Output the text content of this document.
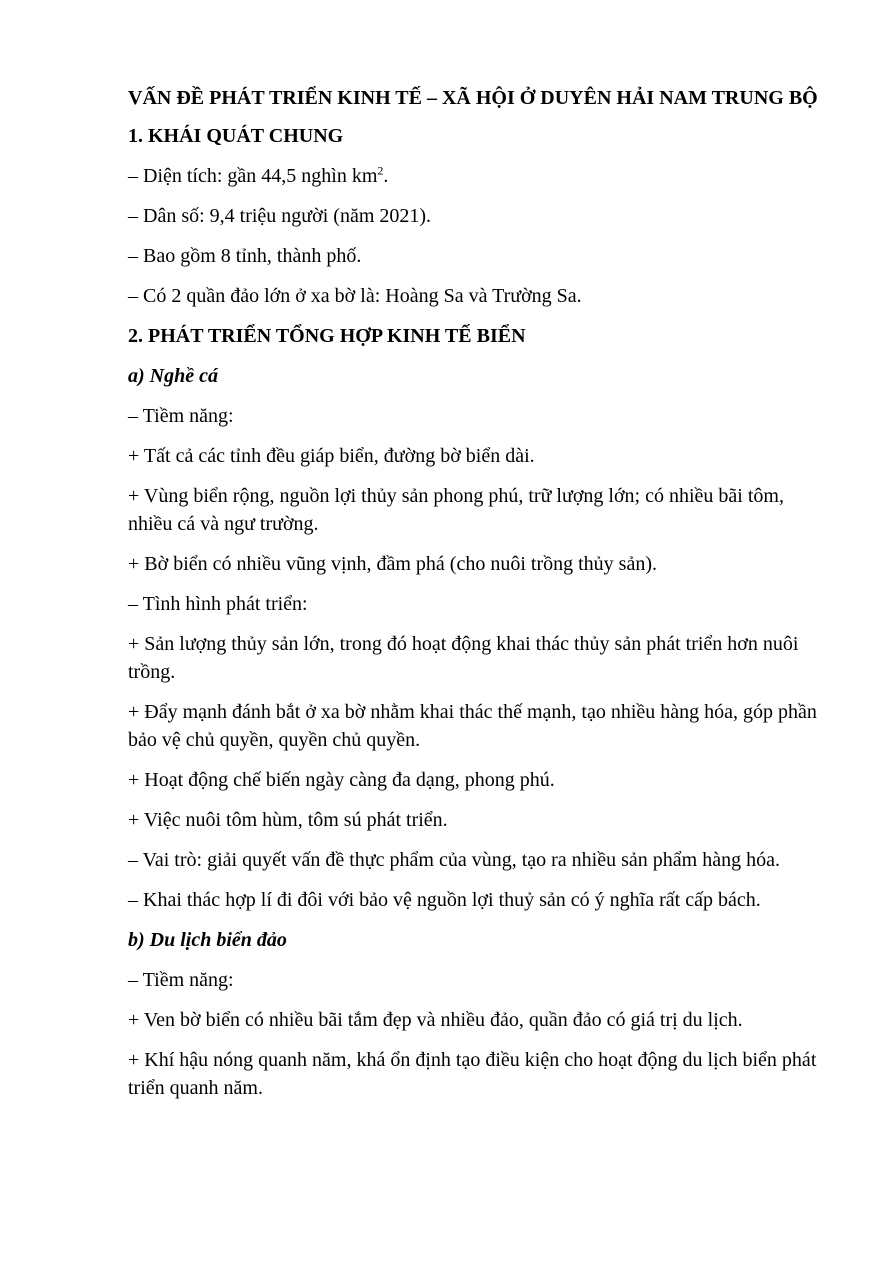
VẤN ĐỀ PHÁT TRIỂN KINH TẾ – XÃ HỘI Ở DUYÊN HẢI NAM TRUNG BỘ
1. KHÁI QUÁT CHUNG
– Diện tích: gần 44,5 nghìn $km^2$.
– Dân số: 9,4 triệu người (năm 2021).
– Bao gồm 8 tỉnh, thành phố.
– Có 2 quần đảo lớn ở xa bờ là: Hoàng Sa và Trường Sa.
2. PHÁT TRIỂN TỔNG HỢP KINH TẾ BIỂN
a) Nghề cá
– Tiềm năng:
+ Tất cả các tỉnh đều giáp biển, đường bờ biển dài.
+ Vùng biển rộng, nguồn lợi thủy sản phong phú, trữ lượng lớn; có nhiều bãi tôm, nhiều cá và ngư trường.
+ Bờ biển có nhiều vũng vịnh, đầm phá (cho nuôi trồng thủy sản).
– Tình hình phát triển:
+ Sản lượng thủy sản lớn, trong đó hoạt động khai thác thủy sản phát triển hơn nuôi trồng.
+ Đẩy mạnh đánh bắt ở xa bờ nhằm khai thác thế mạnh, tạo nhiều hàng hóa, góp phần bảo vệ chủ quyền, quyền chủ quyền.
+ Hoạt động chế biến ngày càng đa dạng, phong phú.
+ Việc nuôi tôm hùm, tôm sú phát triển.
– Vai trò: giải quyết vấn đề thực phẩm của vùng, tạo ra nhiều sản phẩm hàng hóa.
– Khai thác hợp lí đi đôi với bảo vệ nguồn lợi thuỷ sản có ý nghĩa rất cấp bách.
b) Du lịch biển đảo
– Tiềm năng:
+ Ven bờ biển có nhiều bãi tắm đẹp và nhiều đảo, quần đảo có giá trị du lịch.
+ Khí hậu nóng quanh năm, khá ổn định tạo điều kiện cho hoạt động du lịch biển phát triển quanh năm.
